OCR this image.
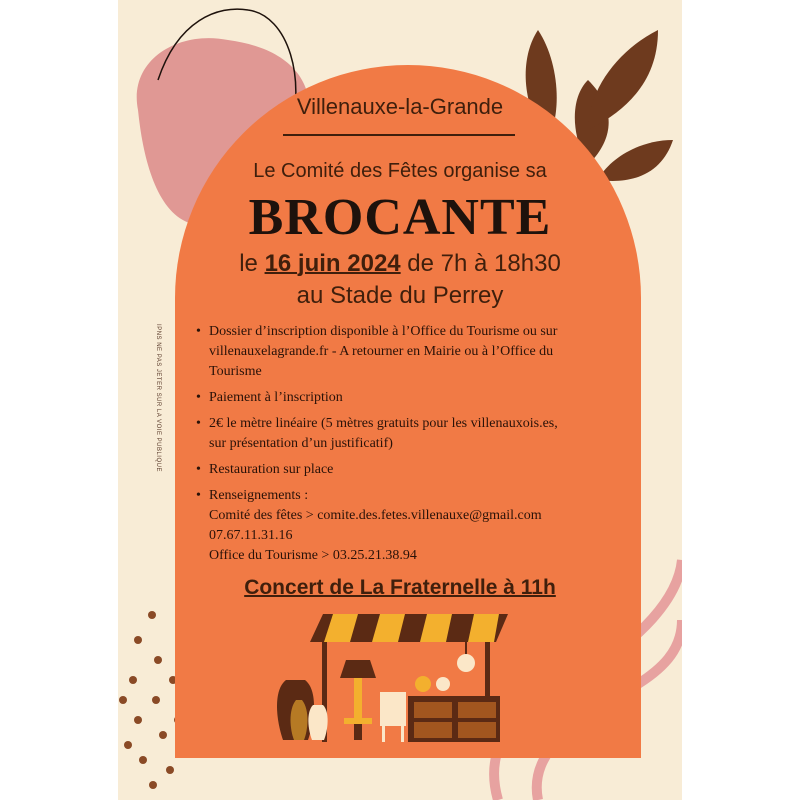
IPNS NE PAS JETER SUR LA VOIE PUBLIQUE
Villenauxe-la-Grande
Le Comité des Fêtes organise sa
BROCANTE
le 16 juin 2024 de 7h à 18h30
au Stade du Perrey
• Dossier d’inscription disponible à l’Office du Tourisme ou sur
villenauxelagrande.fr - A retourner en Mairie ou à l’Office du
Tourisme
• Paiement à l’inscription
• 2€ le mètre linéaire (5 mètres gratuits pour les villenauxois.es,
sur présentation d’un justificatif)
• Restauration sur place
• Renseignements :
Comité des fêtes > comite.des.fetes.villenauxe@gmail.com
07.67.11.31.16
Office du Tourisme > 03.25.21.38.94
Concert de La Fraternelle à 11h
